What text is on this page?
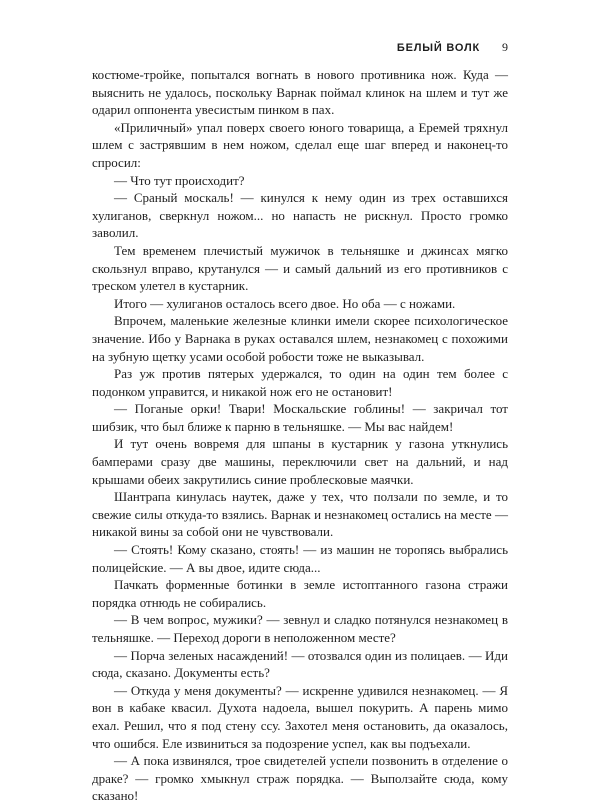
БЕЛЫЙ ВОЛК 9

костюме-тройке, попытался вогнать в нового противника нож. Куда — выяснить не удалось, поскольку Варнак поймал клинок на шлем и тут же одарил оппонента увесистым пинком в пах.

«Приличный» упал поверх своего юного товарища, а Еремей тряхнул шлем с застрявшим в нем ножом, сделал еще шаг вперед и наконец-то спросил:

— Что тут происходит?

— Сраный москаль! — кинулся к нему один из трех оставшихся хулиганов, сверкнул ножом... но напасть не рискнул. Просто громко заволил.

Тем временем плечистый мужичок в тельняшке и джинсах мягко скользнул вправо, крутанулся — и самый дальний из его противников с треском улетел в кустарник.

Итого — хулиганов осталось всего двое. Но оба — с ножами.

Впрочем, маленькие железные клинки имели скорее психологическое значение. Ибо у Варнака в руках оставался шлем, незнакомец с похожими на зубную щетку усами особой робости тоже не выказывал.

Раз уж против пятерых удержался, то один на один тем более с подонком управится, и никакой нож его не остановит!

— Поганые орки! Твари! Москальские гоблины! — закричал тот шибзик, что был ближе к парню в тельняшке. — Мы вас найдем!

И тут очень вовремя для шпаны в кустарник у газона уткнулись бамперами сразу две машины, переключили свет на дальний, и над крышами обеих закрутились синие проблесковые маячки.

Шантрапа кинулась наутек, даже у тех, что ползали по земле, и то свежие силы откуда-то взялись. Варнак и незнакомец остались на месте — никакой вины за собой они не чувствовали.

— Стоять! Кому сказано, стоять! — из машин не торопясь выбрались полицейские. — А вы двое, идите сюда...

Пачкать форменные ботинки в земле истоптанного газона стражи порядка отнюдь не собирались.

— В чем вопрос, мужики? — зевнул и сладко потянулся незнакомец в тельняшке. — Переход дороги в неположенном месте?

— Порча зеленых насаждений! — отозвался один из полицаев. — Иди сюда, сказано. Документы есть?

— Откуда у меня документы? — искренне удивился незнакомец. — Я вон в кабаке квасил. Духота надоела, вышел покурить. А парень мимо ехал. Решил, что я под стену ссу. Захотел меня остановить, да оказалось, что ошибся. Еле извиниться за подозрение успел, как вы подъехали.

— А пока извинялся, трое свидетелей успели позвонить в отделение о драке? — громко хмыкнул страж порядка. — Выползайте сюда, кому сказано!
